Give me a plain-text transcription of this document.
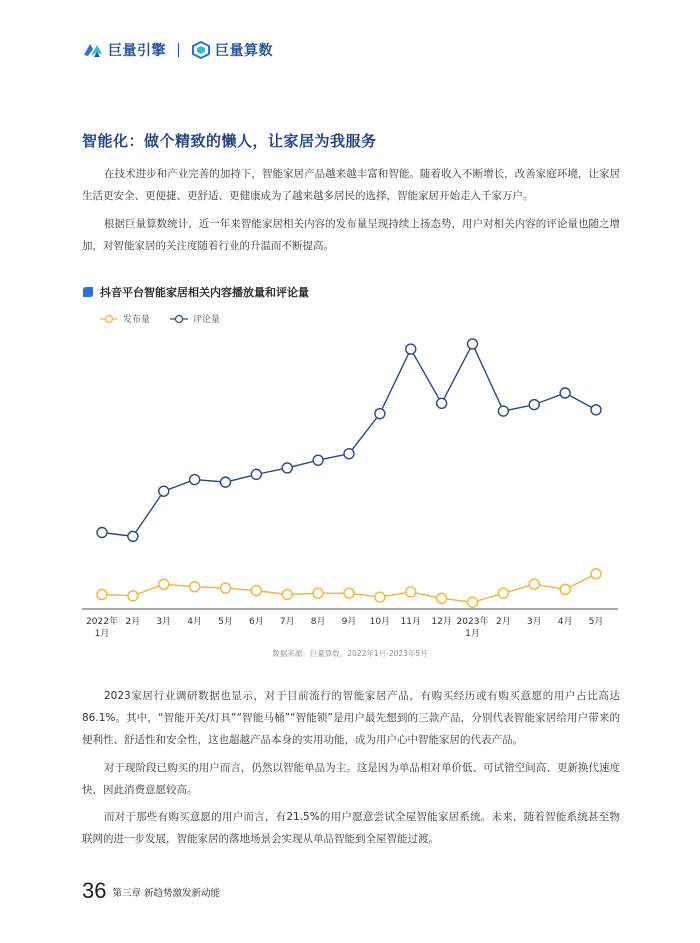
巨量引擎	巨量算数
智能化：做个精致的懒人，让家居为我服务

在技术进步和产业完善的加持下，智能家居产品越来越丰富和智能。随着收入不断增长，改善家庭环境，让家居生活更安全、更便捷、更舒适、更健康成为了越来越多居民的选择，智能家居开始走入千家万户。

根据巨量算数统计，近一年来智能家居相关内容的发布量呈现持续上扬态势，用户对相关内容的评论量也随之增加，对智能家居的关注度随着行业的升温而不断提高。

抖音平台智能家居相关内容播放量和评论量
发布量	评论量
2022年
1月
2月 3月 4月 5月 6月 7月 8月 9月 10月 11月 12月 2023年
1月
2月 3月 4月 5月
数据来源：巨量算数，2022年1月-2023年5月

2023家居行业调研数据也显示，对于目前流行的智能家居产品，有购买经历或有购买意愿的用户占比高达86.1%。其中，“智能开关/灯具”“智能马桶”“智能锁”是用户最先想到的三款产品，分别代表智能家居给用户带来的便利性、舒适性和安全性，这也超越产品本身的实用功能，成为用户心中智能家居的代表产品。

对于现阶段已购买的用户而言，仍然以智能单品为主。这是因为单品相对单价低、可试错空间高、更新换代速度快，因此消费意愿较高。

而对于那些有购买意愿的用户而言，有21.5%的用户愿意尝试全屋智能家居系统。未来，随着智能系统甚至物联网的进一步发展，智能家居的落地场景会实现从单品智能到全屋智能过渡。

36 第三章 新趋势激发新动能
